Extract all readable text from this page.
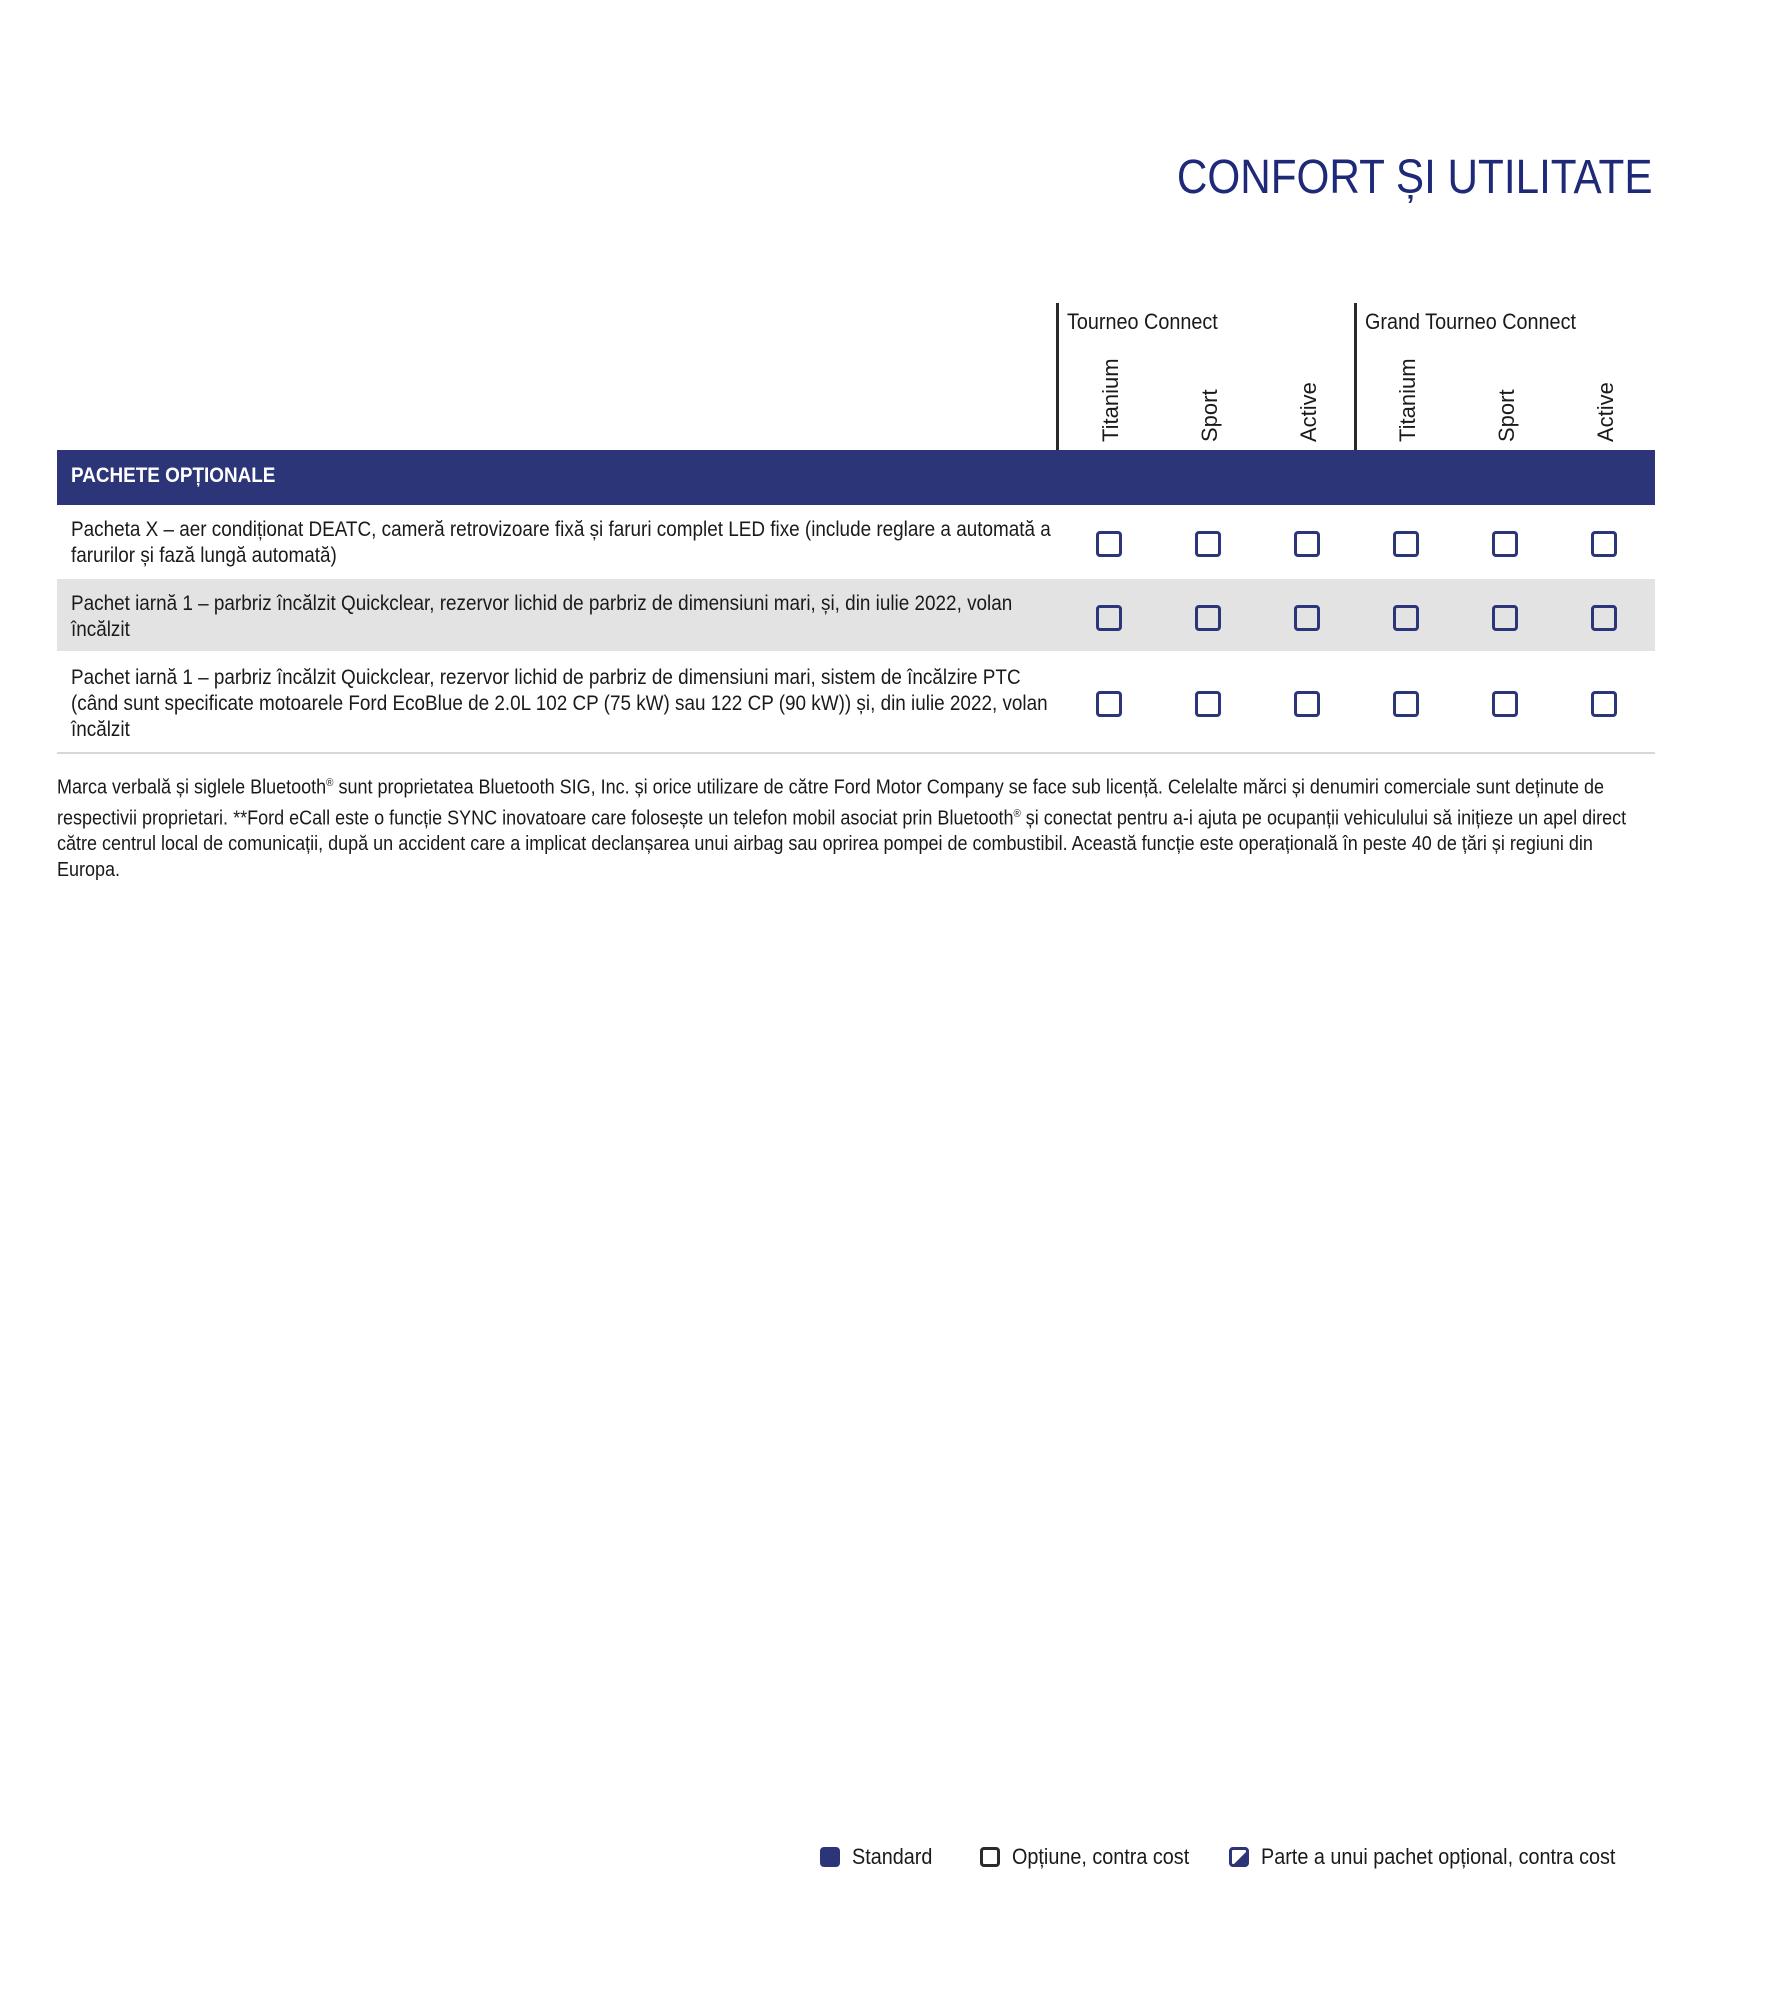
CONFORT ȘI UTILITATE
Tourneo Connect	Grand Tourneo Connect
Titanium	Sport	Active	Titanium	Sport	Active
PACHETE OPȚIONALE
Pacheta X – aer condiționat DEATC, cameră retrovizoare fixă și faruri complet LED fixe (include reglare a automată a farurilor și fază lungă automată)
Pachet iarnă 1 – parbriz încălzit Quickclear, rezervor lichid de parbriz de dimensiuni mari, și, din iulie 2022, volan încălzit
Pachet iarnă 1 – parbriz încălzit Quickclear, rezervor lichid de parbriz de dimensiuni mari, sistem de încălzire PTC (când sunt specificate motoarele Ford EcoBlue de 2.0L 102 CP (75 kW) sau 122 CP (90 kW)) și, din iulie 2022, volan încălzit
Marca verbală și siglele Bluetooth® sunt proprietatea Bluetooth SIG, Inc. și orice utilizare de către Ford Motor Company se face sub licență. Celelalte mărci și denumiri comerciale sunt deținute de respectivii proprietari. **Ford eCall este o funcție SYNC inovatoare care folosește un telefon mobil asociat prin Bluetooth® și conectat pentru a-i ajuta pe ocupanții vehiculului să inițieze un apel direct către centrul local de comunicații, după un accident care a implicat declanșarea unui airbag sau oprirea pompei de combustibil. Această funcție este operațională în peste 40 de țări și regiuni din Europa.
Standard	Opțiune, contra cost	Parte a unui pachet opțional, contra cost
